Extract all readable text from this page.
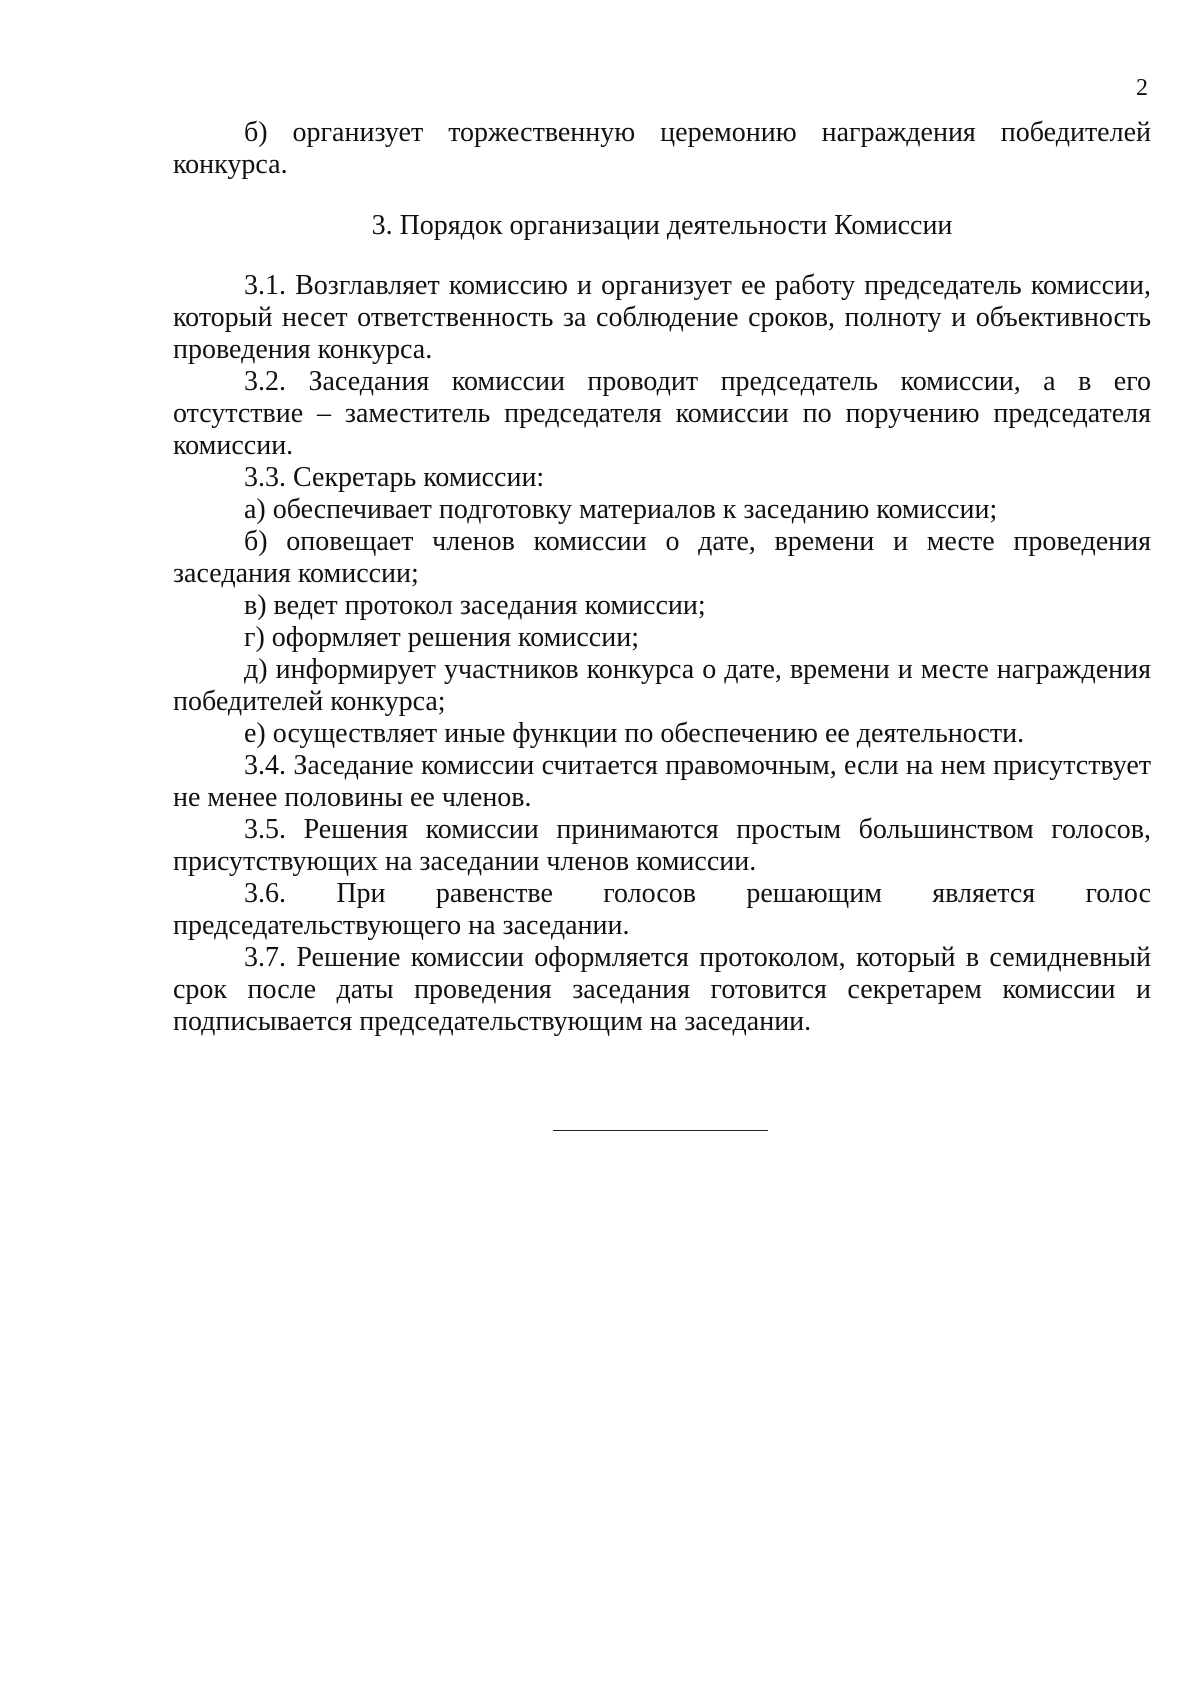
2

б) организует торжественную церемонию награждения победителей конкурса.

3. Порядок организации деятельности Комиссии

3.1. Возглавляет комиссию и организует ее работу председатель комиссии, который несет ответственность за соблюдение сроков, полноту и объективность проведения конкурса.

3.2. Заседания комиссии проводит председатель комиссии, а в его отсутствие – заместитель председателя комиссии по поручению председателя комиссии.

3.3. Секретарь комиссии:

а) обеспечивает подготовку материалов к заседанию комиссии;

б) оповещает членов комиссии о дате, времени и месте проведения заседания комиссии;

в) ведет протокол заседания комиссии;

г) оформляет решения комиссии;

д) информирует участников конкурса о дате, времени и месте награждения победителей конкурса;

е) осуществляет иные функции по обеспечению ее деятельности.

3.4. Заседание комиссии считается правомочным, если на нем присутствует не менее половины ее членов.

3.5. Решения комиссии принимаются простым большинством голосов, присутствующих на заседании членов комиссии.

3.6. При равенстве голосов решающим является голос председательствующего на заседании.

3.7. Решение комиссии оформляется протоколом, который в семидневный срок после даты проведения заседания готовится секретарем комиссии и подписывается председательствующим на заседании.
